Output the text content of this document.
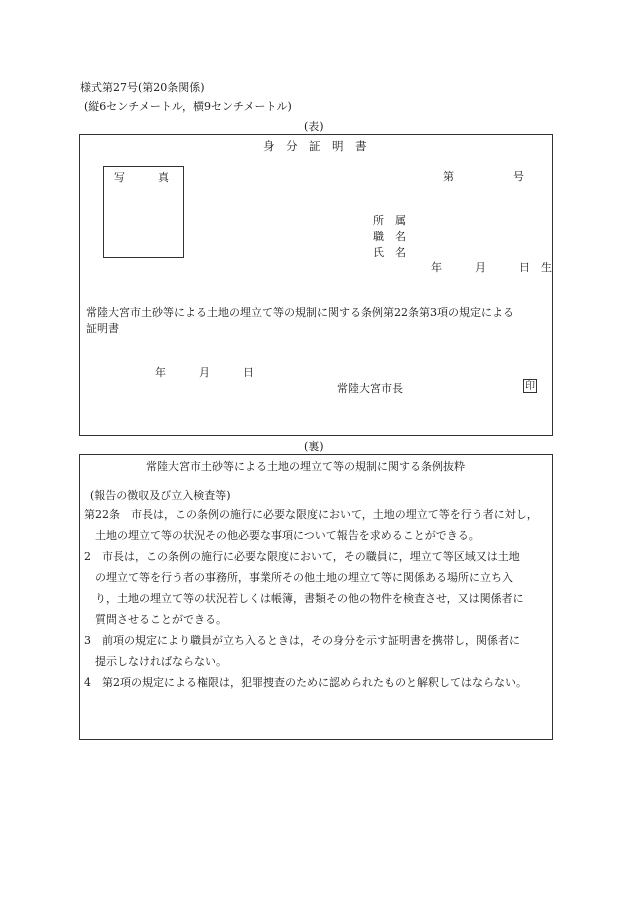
様式第27号(第20条関係)
(縦6センチメートル，横9センチメートル)
(表)
身　分　証　明　書
写　　　真	第	号
所　属
職　名
氏　名
年　　　月　　　日　生
常陸大宮市土砂等による土地の埋立て等の規制に関する条例第22条第3項の規定による
証明書
年　　　月　　　日
常陸大宮市長	印
(裏)
常陸大宮市土砂等による土地の埋立て等の規制に関する条例抜粋
(報告の徴収及び立入検査等)
第22条　市長は，この条例の施行に必要な限度において，土地の埋立て等を行う者に対し，
　土地の埋立て等の状況その他必要な事項について報告を求めることができる。
2　市長は，この条例の施行に必要な限度において，その職員に，埋立て等区域又は土地
　の埋立て等を行う者の事務所，事業所その他土地の埋立て等に関係ある場所に立ち入
　り，土地の埋立て等の状況若しくは帳簿，書類その他の物件を検査させ，又は関係者に
　質問させることができる。
3　前項の規定により職員が立ち入るときは，その身分を示す証明書を携帯し，関係者に
　提示しなければならない。
4　第2項の規定による権限は，犯罪捜査のために認められたものと解釈してはならない。
